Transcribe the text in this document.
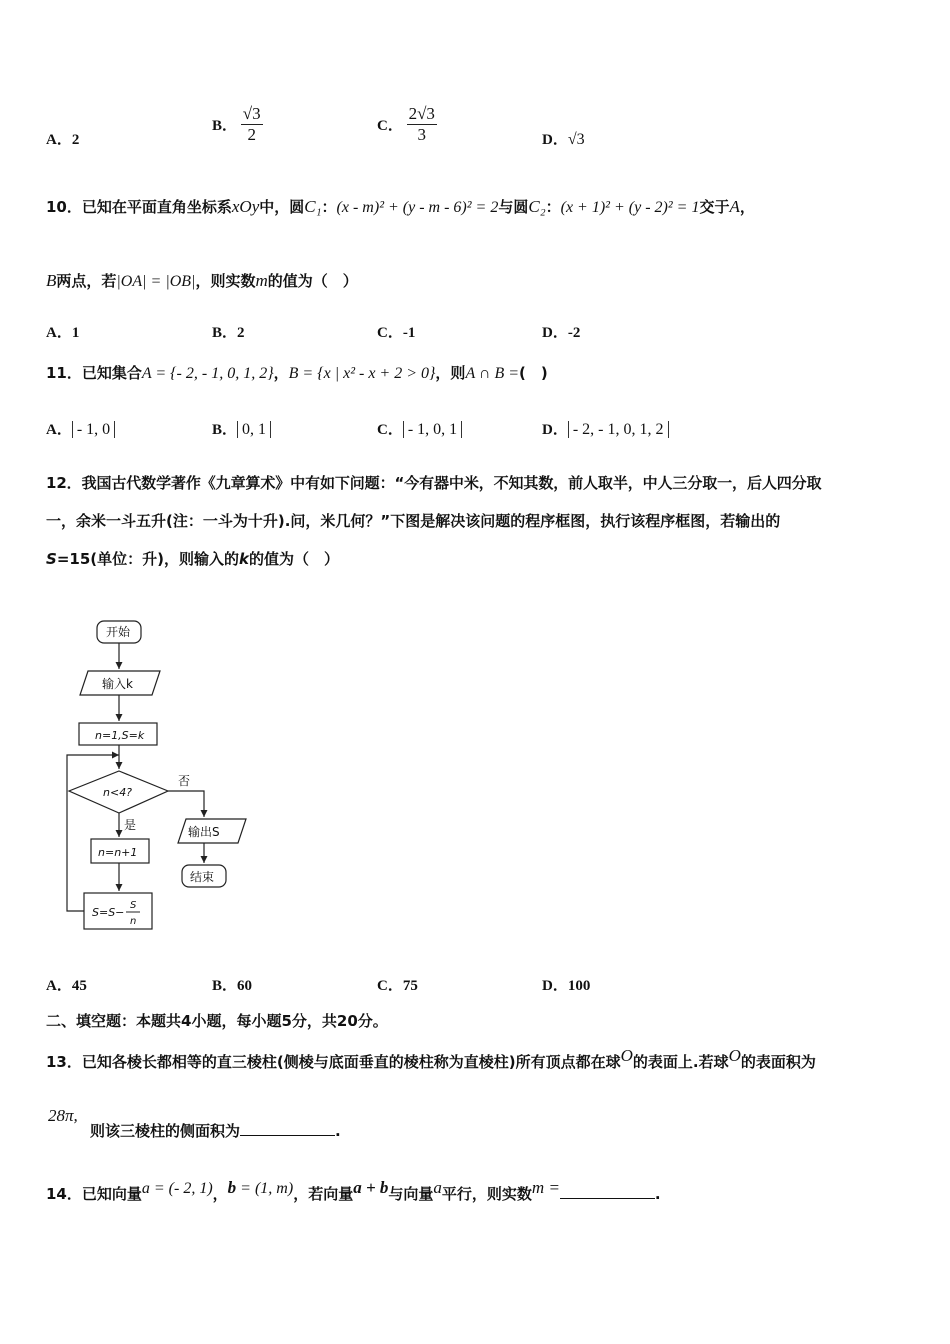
A．2
B． $\frac{√3}{2}$	C． $\frac{2√3}{3}$	D．√3
10．已知在平面直角坐标系xOy中，圆C₁：(x - m)² + (y - m - 6)² = 2与圆C₂：(x + 1)² + (y - 2)² = 1交于A，
B两点，若|OA| = |OB|，则实数m的值为（　）
A．1	B．2	C．-1	D．-2
11．已知集合A = {- 2, - 1, 0, 1, 2}，B = {x | x² - x + 2 > 0}，则A ∩ B =(　)
A． - 1, 0	B． 0, 1	C． - 1, 0, 1	D． - 2, - 1, 0, 1, 2
12．我国古代数学著作《九章算术》中有如下问题：“今有器中米，不知其数，前人取半，中人三分取一，后人四分取
一，余米一斗五升(注：一斗为十升).问，米几何？”下图是解决该问题的程序框图，执行该程序框图，若输出的
S=15(单位：升)，则输入的k的值为（　）
开始
输入k
n=1,S=k
n<4?
否
是	输出S
结束
n=n+1
S=S−
S
n
A．45	B．60	C．75	D．100
二、填空题：本题共4小题，每小题5分，共20分。
13．已知各棱长都相等的直三棱柱(侧棱与底面垂直的棱柱称为直棱柱)所有顶点都在球O的表面上.若球O的表面积为
28π,
则该三棱柱的侧面积为	.
14．已知向量a = (- 2, 1)，b = (1, m)，若向量a + b与向量a平行，则实数m =	.
